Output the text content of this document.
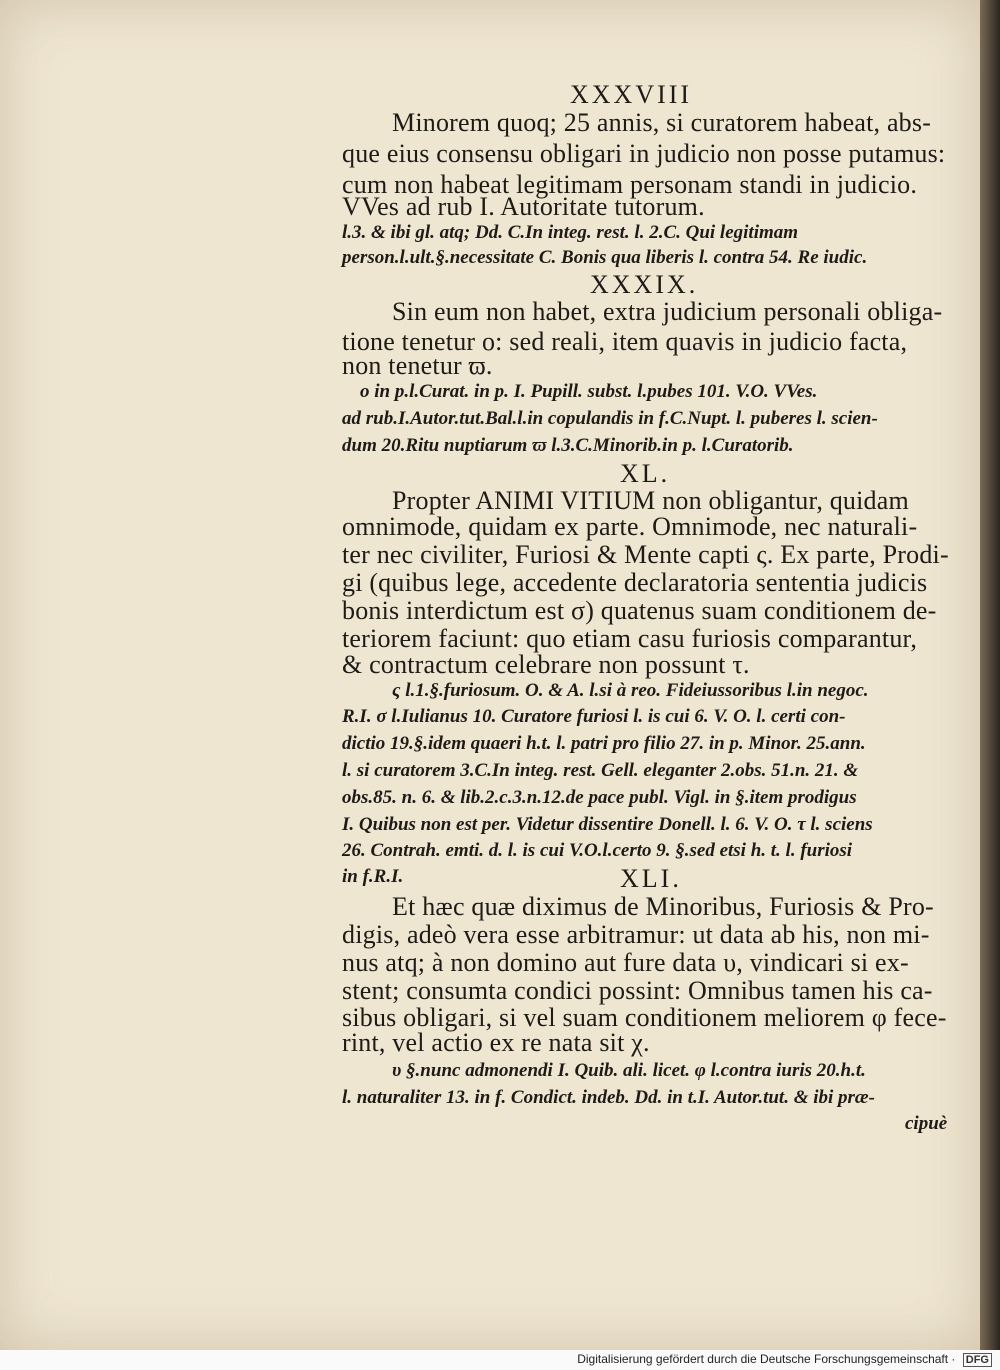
XXXVIII
Minorem quoq; 25 annis, si curatorem habeat, abs-
que eius consensu obligari in judicio non posse putamus:
cum non habeat legitimam personam standi in judicio.
VVes ad rub I. Autoritate tutorum.
l.3. & ibi gl. atq; Dd. C.In integ. rest. l. 2.C. Qui legitimam
person.l.ult.§.necessitate C. Bonis qua liberis l. contra 54. Re iudic.
XXXIX.
Sin eum non habet, extra judicium personali obliga-
tione tenetur ο: sed reali, item quavis in judicio facta,
non tenetur ϖ.
ο in p.l.Curat. in p. I. Pupill. subst. l.pubes 101. V.O. VVes.
ad rub.I.Autor.tut.Bal.l.in copulandis in f.C.Nupt. l. puberes l. scien-
dum 20.Ritu nuptiarum ϖ l.3.C.Minorib.in p. l.Curatorib.
XL.
Propter ANIMI VITIUM non obligantur, quidam
omnimode, quidam ex parte. Omnimode, nec naturali-
ter nec civiliter, Furiosi & Mente capti ς. Ex parte, Prodi-
gi (quibus lege, accedente declaratoria sententia judicis
bonis interdictum est σ) quatenus suam conditionem de-
teriorem faciunt: quo etiam casu furiosis comparantur,
& contractum celebrare non possunt τ.
ς l.1.§.furiosum. O. & A. l.si à reo. Fideiussoribus l.in negoc.
R.I. σ l.Iulianus 10. Curatore furiosi l. is cui 6. V. O. l. certi con-
dictio 19.§.idem quaeri h.t. l. patri pro filio 27. in p. Minor. 25.ann.
l. si curatorem 3.C.In integ. rest. Gell. eleganter 2.obs. 51.n. 21. &
obs.85. n. 6. & lib.2.c.3.n.12.de pace publ. Vigl. in §.item prodigus
I. Quibus non est per. Videtur dissentire Donell. l. 6. V. O. τ l. sciens
26. Contrah. emti. d. l. is cui V.O.l.certo 9. §.sed etsi h. t. l. furiosi
in f.R.I.	XLI.
Et hæc quæ diximus de Minoribus, Furiosis & Pro-
digis, adeò vera esse arbitramur: ut data ab his, non mi-
nus atq; à non domino aut fure data υ, vindicari si ex-
stent; consumta condici possint: Omnibus tamen his ca-
sibus obligari, si vel suam conditionem meliorem φ fece-
rint, vel actio ex re nata sit χ.
υ §.nunc admonendi I. Quib. ali. licet. φ l.contra iuris 20.h.t.
l. naturaliter 13. in f. Condict. indeb. Dd. in t.I. Autor.tut. & ibi præ-
cipuè
Digitalisierung gefördert durch die Deutsche Forschungsgemeinschaft · DFG
